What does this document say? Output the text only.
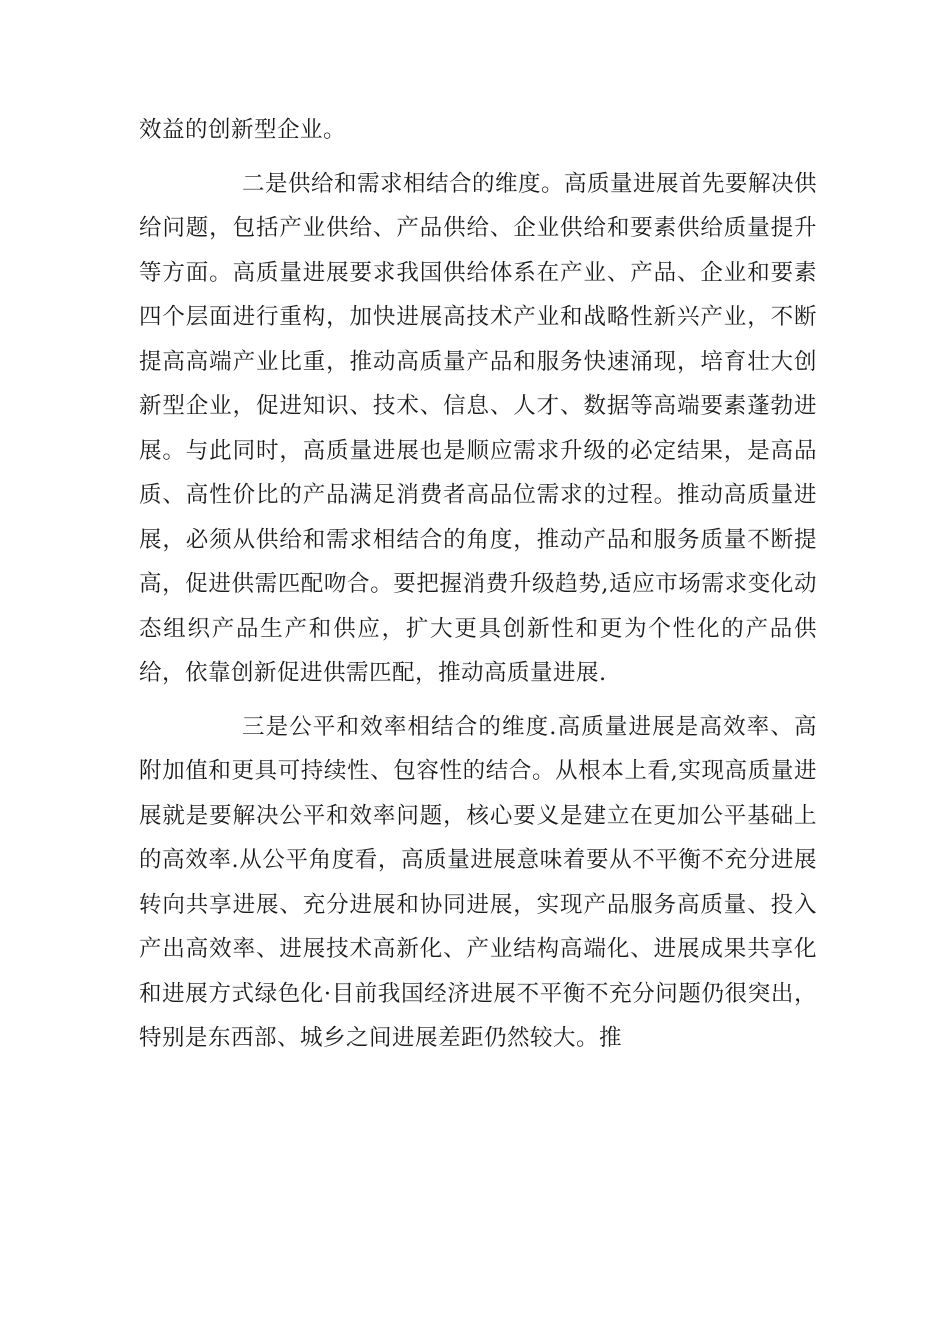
效益的创新型企业。

二是供给和需求相结合的维度。高质量进展首先要解决供给问题，包括产业供给、产品供给、企业供给和要素供给质量提升等方面。高质量进展要求我国供给体系在产业、产品、企业和要素四个层面进行重构，加快进展高技术产业和战略性新兴产业，不断提高高端产业比重，推动高质量产品和服务快速涌现，培育壮大创新型企业，促进知识、技术、信息、人才、数据等高端要素蓬勃进展。与此同时，高质量进展也是顺应需求升级的必定结果，是高品质、高性价比的产品满足消费者高品位需求的过程。推动高质量进展，必须从供给和需求相结合的角度，推动产品和服务质量不断提高，促进供需匹配吻合。要把握消费升级趋势,适应市场需求变化动态组织产品生产和供应，扩大更具创新性和更为个性化的产品供给，依靠创新促进供需匹配，推动高质量进展.

三是公平和效率相结合的维度.高质量进展是高效率、高附加值和更具可持续性、包容性的结合。从根本上看,实现高质量进展就是要解决公平和效率问题，核心要义是建立在更加公平基础上的高效率.从公平角度看，高质量进展意味着要从不平衡不充分进展转向共享进展、充分进展和协同进展，实现产品服务高质量、投入产出高效率、进展技术高新化、产业结构高端化、进展成果共享化和进展方式绿色化·目前我国经济进展不平衡不充分问题仍很突出，特别是东西部、城乡之间进展差距仍然较大。推
